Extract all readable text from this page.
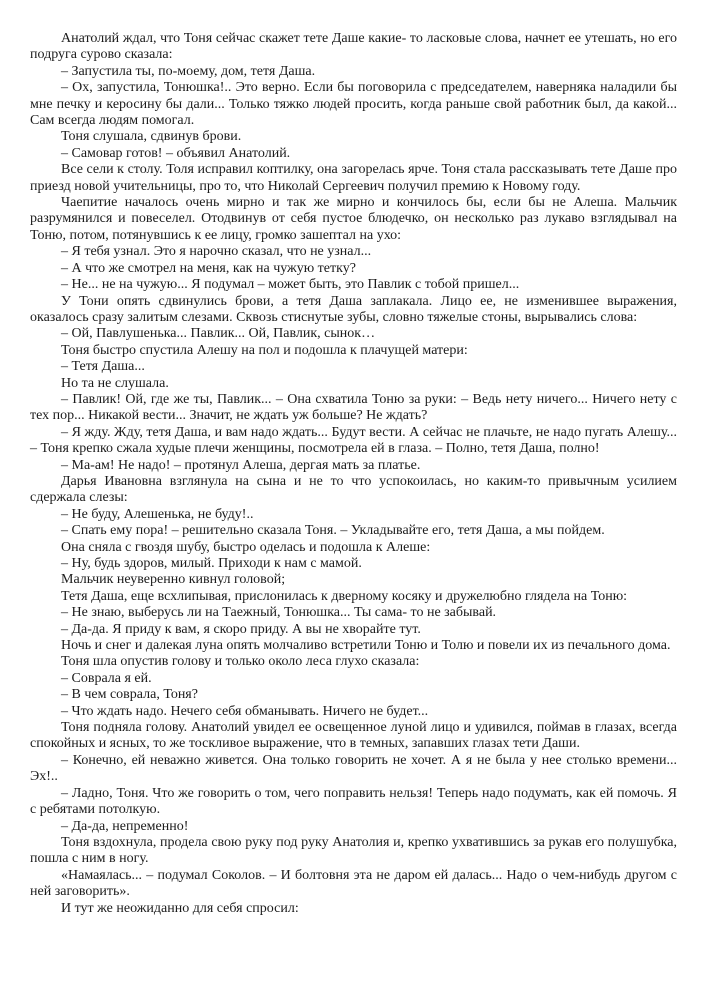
Анатолий ждал, что Тоня сейчас скажет тете Даше какие- то ласковые слова, начнет ее утешать, но его подруга сурово сказала:

– Запустила ты, по-моему, дом, тетя Даша.

– Ох, запустила, Тонюшка!.. Это верно. Если бы поговорила с председателем, наверняка наладили бы мне печку и керосину бы дали... Только тяжко людей просить, когда раньше свой работник был, да какой... Сам всегда людям помогал.

Тоня слушала, сдвинув брови.

– Самовар готов! – объявил Анатолий.

Все сели к столу. Толя исправил коптилку, она загорелась ярче. Тоня стала рассказывать тете Даше про приезд новой учительницы, про то, что Николай Сергеевич получил премию к Новому году.

Чаепитие началось очень мирно и так же мирно и кончилось бы, если бы не Алеша. Мальчик разрумянился и повеселел. Отодвинув от себя пустое блюдечко, он несколько раз лукаво взглядывал на Тоню, потом, потянувшись к ее лицу, громко зашептал на ухо:

– Я тебя узнал. Это я нарочно сказал, что не узнал...

– А что же смотрел на меня, как на чужую тетку?

– Не... не на чужую... Я подумал – может быть, это Павлик с тобой пришел...

У Тони опять сдвинулись брови, а тетя Даша заплакала. Лицо ее, не изменившее выражения, оказалось сразу залитым слезами. Сквозь стиснутые зубы, словно тяжелые стоны, вырывались слова:

– Ой, Павлушенька... Павлик... Ой, Павлик, сынок…

Тоня быстро спустила Алешу на пол и подошла к плачущей матери:

– Тетя Даша...

Но та не слушала.

– Павлик! Ой, где же ты, Павлик... – Она схватила Тоню за руки: – Ведь нету ничего... Ничего нету с тех пор... Никакой вести... Значит, не ждать уж больше? Не ждать?

– Я жду. Жду, тетя Даша, и вам надо ждать... Будут вести. А сейчас не плачьте, не надо пугать Алешу... – Тоня крепко сжала худые плечи женщины, посмотрела ей в глаза. – Полно, тетя Даша, полно!

– Ма-ам! Не надо! – протянул Алеша, дергая мать за платье.

Дарья Ивановна взглянула на сына и не то что успокоилась, но каким-то привычным усилием сдержала слезы:

– Не буду, Алешенька, не буду!..

– Спать ему пора! – решительно сказала Тоня. – Укладывайте его, тетя Даша, а мы пойдем.

Она сняла с гвоздя шубу, быстро оделась и подошла к Алеше:

– Ну, будь здоров, милый. Приходи к нам с мамой.

Мальчик неуверенно кивнул головой;

Тетя Даша, еще всхлипывая, прислонилась к дверному косяку и дружелюбно глядела на Тоню:

– Не знаю, выберусь ли на Таежный, Тонюшка... Ты сама- то не забывай.

– Да-да. Я приду к вам, я скоро приду. А вы не хворайте тут.

Ночь и снег и далекая луна опять молчаливо встретили Тоню и Толю и повели их из печального дома.

Тоня шла опустив голову и только около леса глухо сказала:

– Соврала я ей.

– В чем соврала, Тоня?

– Что ждать надо. Нечего себя обманывать. Ничего не будет...

Тоня подняла голову. Анатолий увидел ее освещенное луной лицо и удивился, поймав в глазах, всегда спокойных и ясных, то же тоскливое выражение, что в темных, запавших глазах тети Даши.

– Конечно, ей неважно живется. Она только говорить не хочет. А я не была у нее столько времени... Эх!..

– Ладно, Тоня. Что же говорить о том, чего поправить нельзя! Теперь надо подумать, как ей помочь. Я с ребятами потолкую.

– Да-да, непременно!

Тоня вздохнула, продела свою руку под руку Анатолия и, крепко ухватившись за рукав его полушубка, пошла с ним в ногу.

«Намаялась... – подумал Соколов. – И болтовня эта не даром ей далась... Надо о чем-нибудь другом с ней заговорить».

И тут же неожиданно для себя спросил:
